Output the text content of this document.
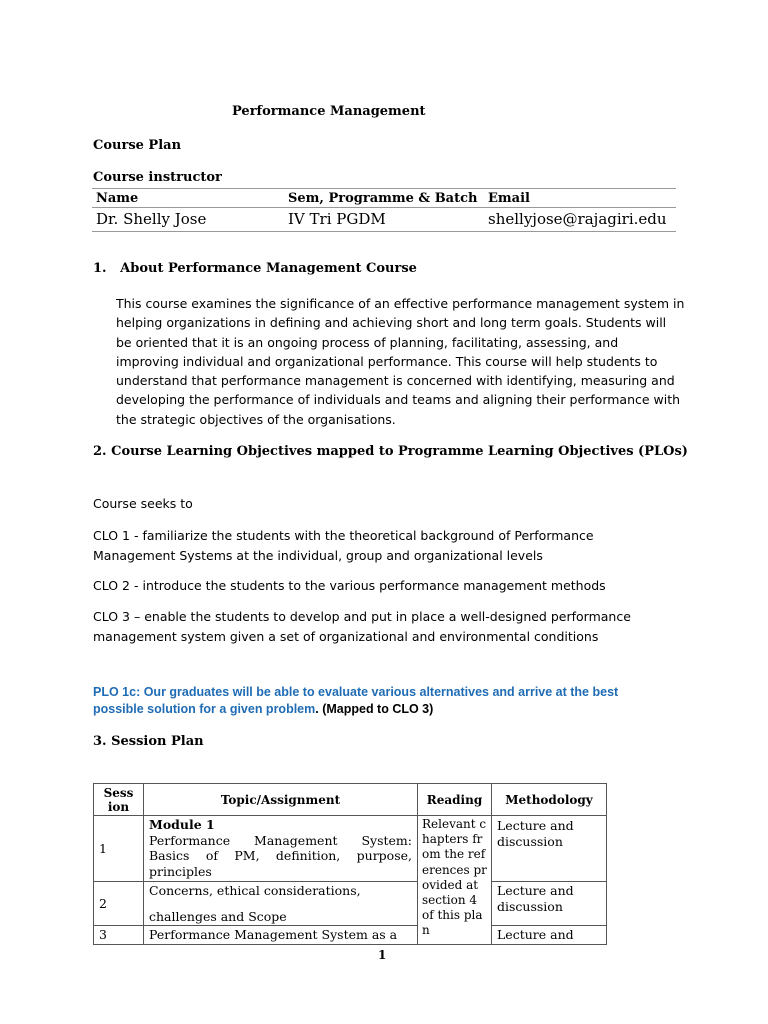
Performance Management
Course Plan
Course instructor
Name	Sem, Programme & Batch	Email
Dr. Shelly Jose	IV Tri PGDM	shellyjose@rajagiri.edu
1.   About Performance Management Course
This course examines the significance of an effective performance management system in
helping organizations in defining and achieving short and long term goals. Students will
be oriented that it is an ongoing process of planning, facilitating, assessing, and
improving individual and organizational performance. This course will help students to
understand that performance management is concerned with identifying, measuring and
developing the performance of individuals and teams and aligning their performance with
the strategic objectives of the organisations.
2. Course Learning Objectives mapped to Programme Learning Objectives (PLOs)
Course seeks to
CLO 1 - familiarize the students with the theoretical background of Performance
Management Systems at the individual, group and organizational levels
CLO 2 - introduce the students to the various performance management methods
CLO 3 – enable the students to develop and put in place a well-designed performance
management system given a set of organizational and environmental conditions
PLO 1c: Our graduates will be able to evaluate various alternatives and arrive at the best possible solution for a given problem. (Mapped to CLO 3)
3. Session Plan
Session	Topic/Assignment	Reading	Methodology
1	Module 1
Performance Management System: Basics of PM, definition, purpose, principles	Relevant chapters from the references provided at section 4 of this plan	Lecture and discussion
2	Concerns, ethical considerations,
challenges and Scope		Lecture and discussion
3	Performance Management System as a		Lecture and
1
